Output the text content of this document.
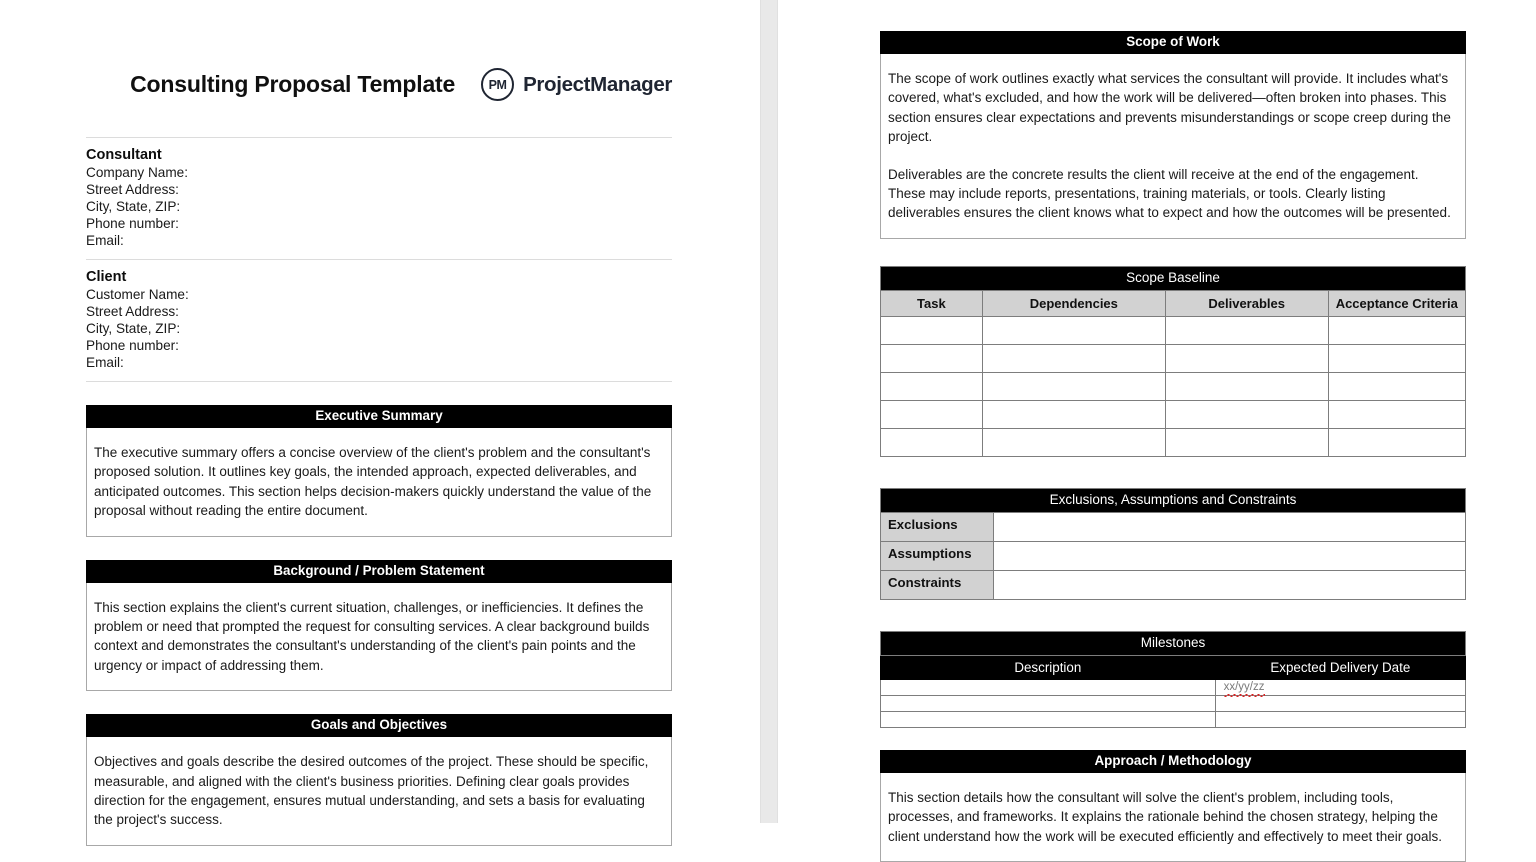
Consulting Proposal Template	PM ProjectManager
Consultant
Company Name:
Street Address:
City, State, ZIP:
Phone number:
Email:
Client
Customer Name:
Street Address:
City, State, ZIP:
Phone number:
Email:
Executive Summary

The executive summary offers a concise overview of the client's problem and the consultant's proposed solution. It outlines key goals, the intended approach, expected deliverables, and anticipated outcomes. This section helps decision-makers quickly understand the value of the proposal without reading the entire document.

Background / Problem Statement

This section explains the client's current situation, challenges, or inefficiencies. It defines the problem or need that prompted the request for consulting services. A clear background builds context and demonstrates the consultant's understanding of the client's pain points and the urgency or impact of addressing them.

Goals and Objectives

Objectives and goals describe the desired outcomes of the project. These should be specific, measurable, and aligned with the client's business priorities. Defining clear goals provides direction for the engagement, ensures mutual understanding, and sets a basis for evaluating the project's success.

Scope of Work

The scope of work outlines exactly what services the consultant will provide. It includes what's covered, what's excluded, and how the work will be delivered—often broken into phases. This section ensures clear expectations and prevents misunderstandings or scope creep during the project.

Deliverables are the concrete results the client will receive at the end of the engagement. These may include reports, presentations, training materials, or tools. Clearly listing deliverables ensures the client knows what to expect and how the outcomes will be presented.

Scope Baseline			
Task	Dependencies	Deliverables	Acceptance Criteria

Exclusions, Assumptions and Constraints	
Exclusions	
Assumptions	
Constraints	
Milestones	
Description	Expected Delivery Date
	xx/yy/zz

Approach / Methodology

This section details how the consultant will solve the client's problem, including tools, processes, and frameworks. It explains the rationale behind the chosen strategy, helping the client understand how the work will be executed efficiently and effectively to meet their goals.
